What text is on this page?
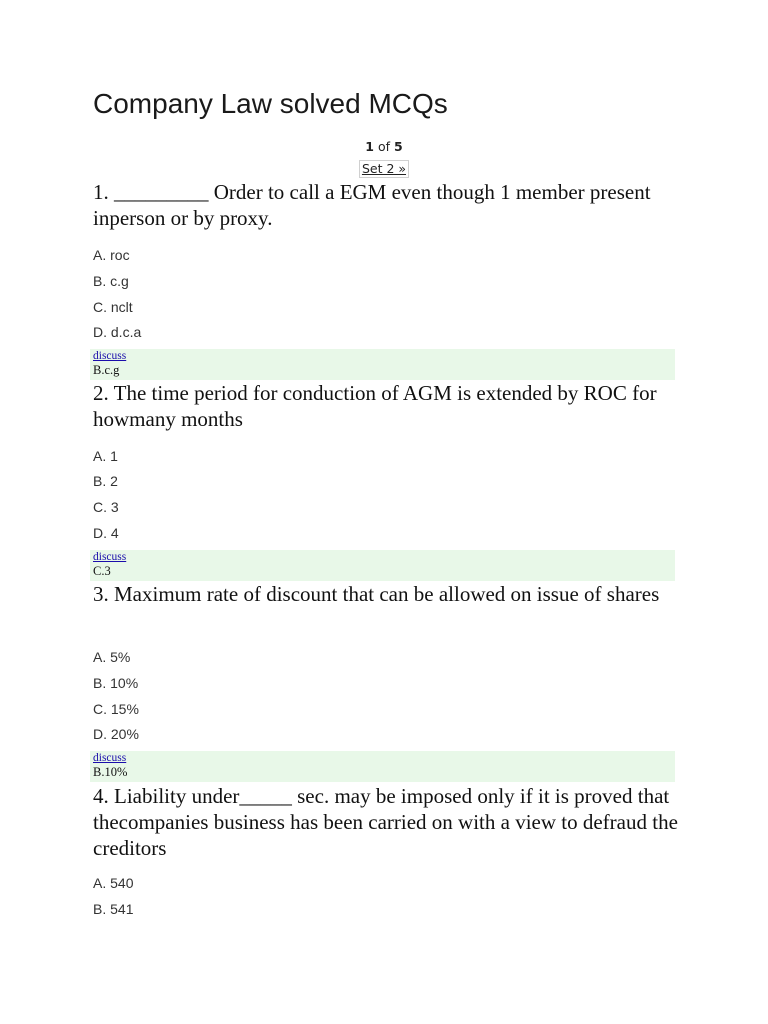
Company Law solved MCQs
1 of 5
Set 2 »

1. _________ Order to call a EGM even though 1 member present inperson or by proxy.

A. roc

B. c.g

C. nclt

D. d.c.a

discuss
B.c.g

2. The time period for conduction of AGM is extended by ROC for howmany months

A. 1

B. 2

C. 3

D. 4

discuss
C.3

3. Maximum rate of discount that can be allowed on issue of shares

A. 5%

B. 10%

C. 15%

D. 20%

discuss
B.10%

4. Liability under_____ sec. may be imposed only if it is proved that thecompanies business has been carried on with a view to defraud the creditors

A. 540

B. 541
